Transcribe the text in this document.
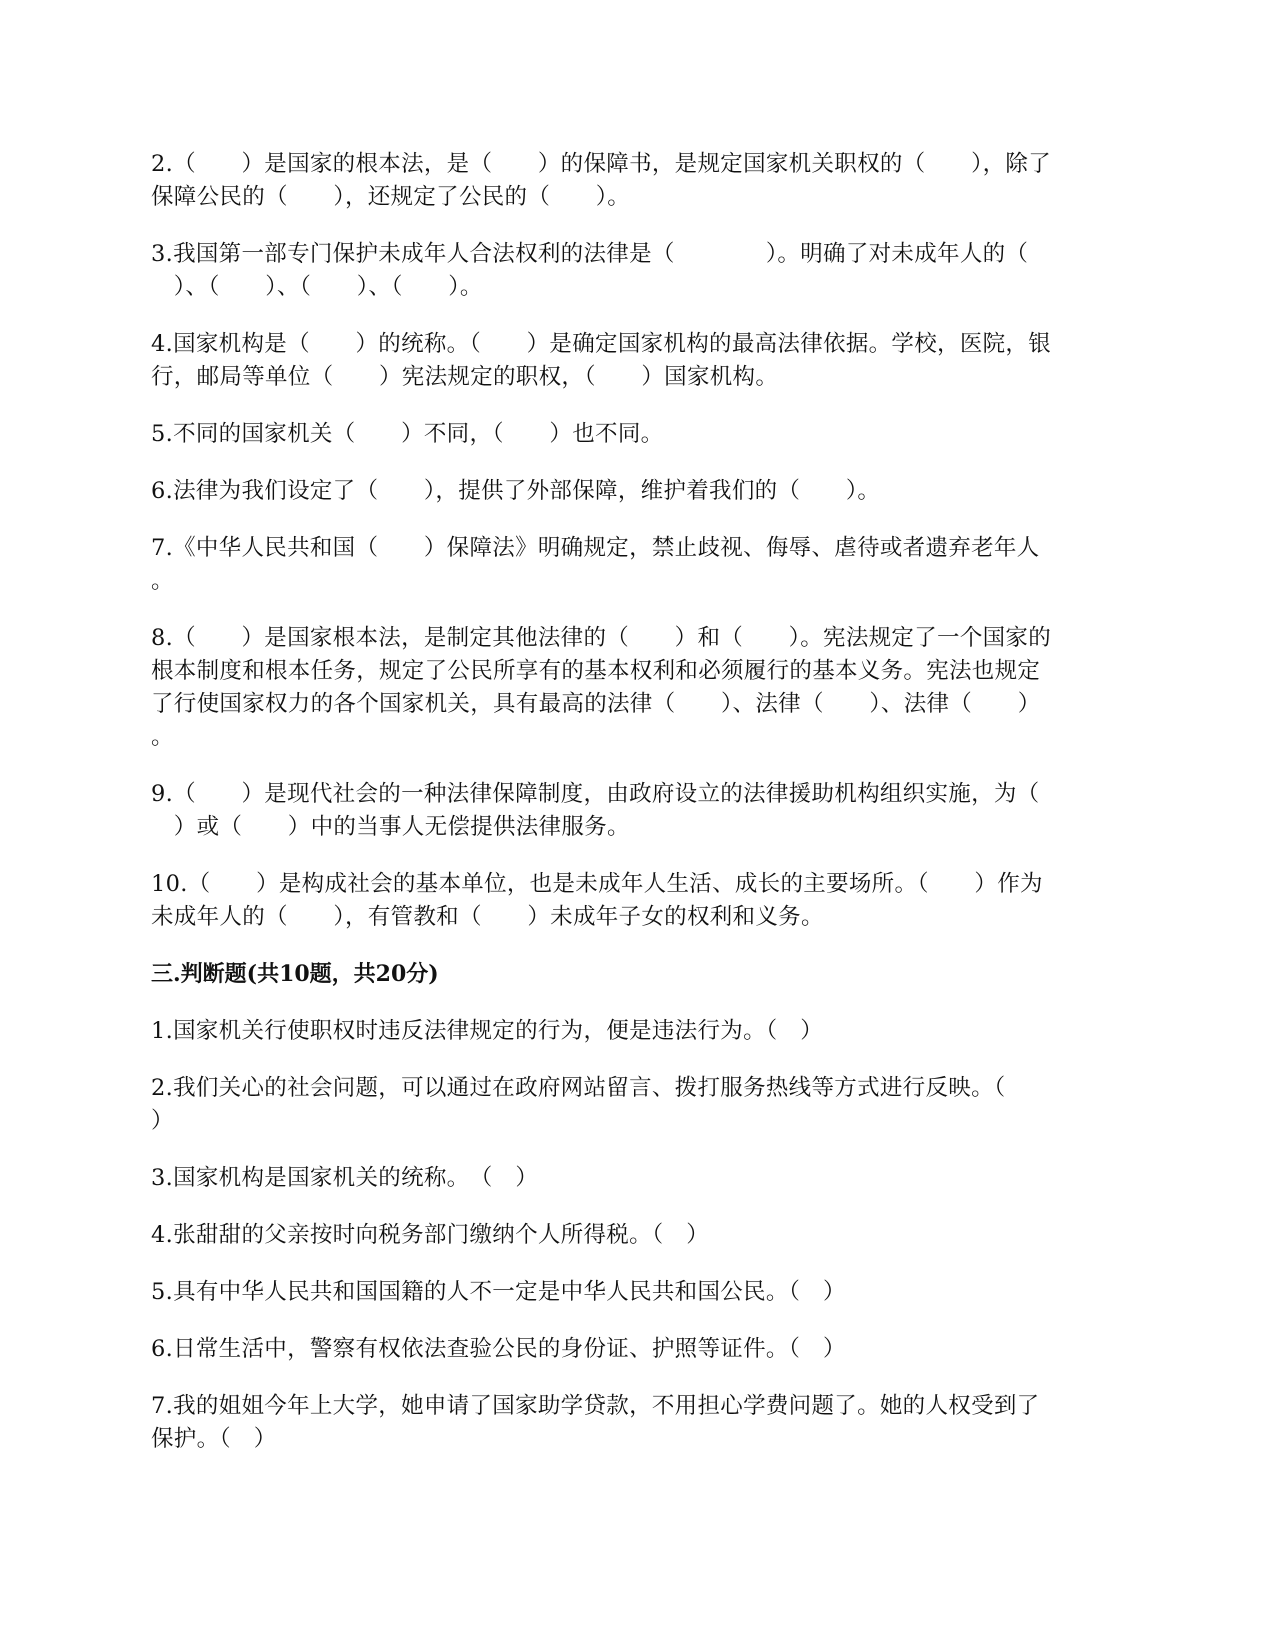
2.（　　）是国家的根本法，是（　　）的保障书，是规定国家机关职权的（　　），除了
保障公民的（　　），还规定了公民的（　　）。

3.我国第一部专门保护未成年人合法权利的法律是（　　　　）。明确了对未成年人的（　
　）、（　　）、（　　）、（　　）。

4.国家机构是（　　）的统称。（　　）是确定国家机构的最高法律依据。学校，医院，银
行，邮局等单位（　　）宪法规定的职权，（　　）国家机构。

5.不同的国家机关（　　）不同，（　　）也不同。

6.法律为我们设定了（　　），提供了外部保障，维护着我们的（　　）。

7.《中华人民共和国（　　）保障法》明确规定，禁止歧视、侮辱、虐待或者遗弃老年人
。

8.（　　）是国家根本法，是制定其他法律的（　　）和（　　）。宪法规定了一个国家的
根本制度和根本任务，规定了公民所享有的基本权利和必须履行的基本义务。宪法也规定
了行使国家权力的各个国家机关，具有最高的法律（　　）、法律（　　）、法律（　　）
。

9.（　　）是现代社会的一种法律保障制度，由政府设立的法律援助机构组织实施，为（　
　）或（　　）中的当事人无偿提供法律服务。

10.（　　）是构成社会的基本单位，也是未成年人生活、成长的主要场所。（　　）作为
未成年人的（　　），有管教和（　　）未成年子女的权利和义务。

三.判断题(共10题，共20分)

1.国家机关行使职权时违反法律规定的行为，便是违法行为。（　）

2.我们关心的社会问题，可以通过在政府网站留言、拨打服务热线等方式进行反映。（
）

3.国家机构是国家机关的统称。　（　）

4.张甜甜的父亲按时向税务部门缴纳个人所得税。（　）

5.具有中华人民共和国国籍的人不一定是中华人民共和国公民。（　）

6.日常生活中，警察有权依法查验公民的身份证、护照等证件。（　）

7.我的姐姐今年上大学，她申请了国家助学贷款，不用担心学费问题了。她的人权受到了
保护。（　）
